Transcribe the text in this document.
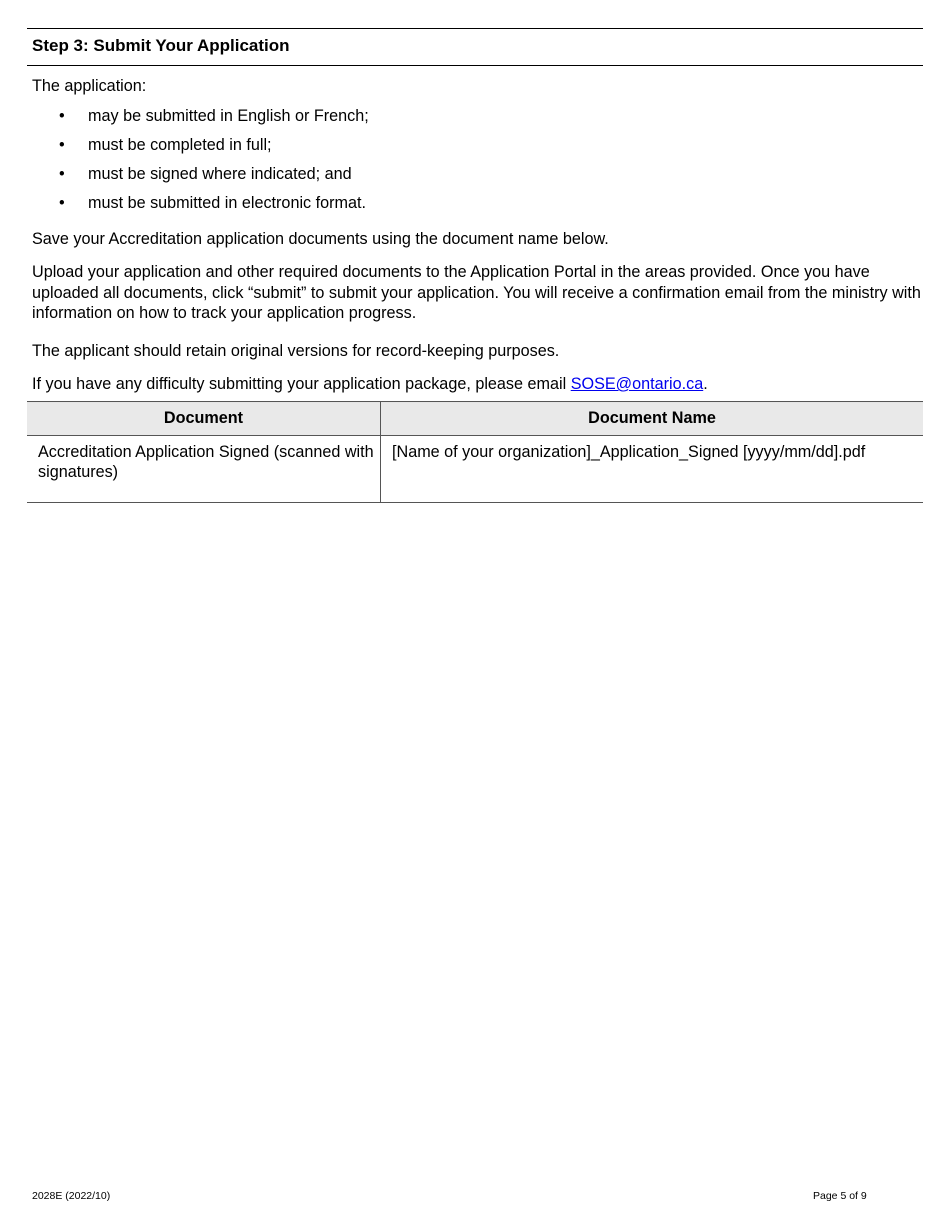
Step 3: Submit Your Application

The application:

• may be submitted in English or French;
• must be completed in full;
• must be signed where indicated; and
• must be submitted in electronic format.

Save your Accreditation application documents using the document name below.

Upload your application and other required documents to the Application Portal in the areas provided. Once you have uploaded all documents, click “submit” to submit your application. You will receive a confirmation email from the ministry with information on how to track your application progress.

The applicant should retain original versions for record-keeping purposes.

If you have any difficulty submitting your application package, please email SOSE@ontario.ca.

Document	Document Name
Accreditation Application Signed (scanned with signatures)	[Name of your organization]_Application_Signed [yyyy/mm/dd].pdf
2028E (2022/10)	Page 5 of 9
